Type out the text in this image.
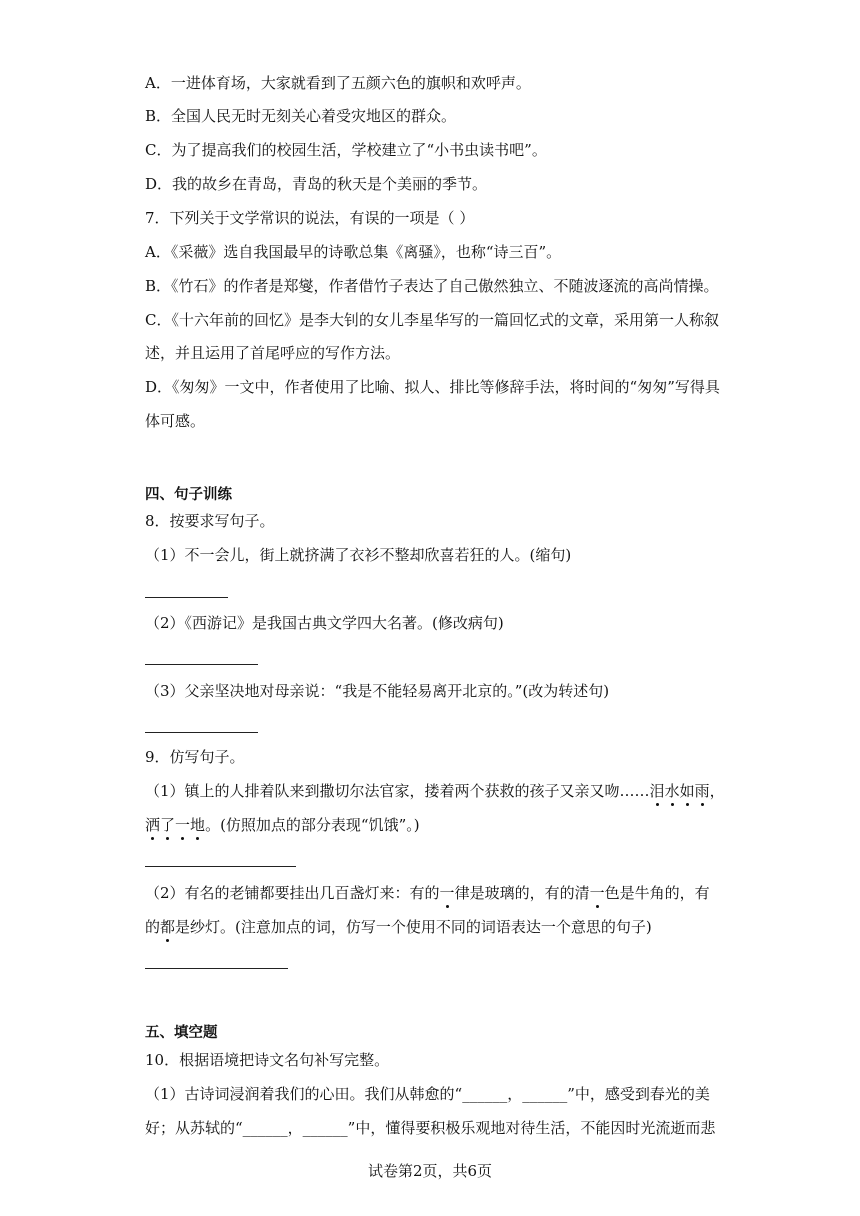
A．一进体育场，大家就看到了五颜六色的旗帜和欢呼声。
B．全国人民无时无刻关心着受灾地区的群众。
C．为了提高我们的校园生活，学校建立了“小书虫读书吧”。
D．我的故乡在青岛，青岛的秋天是个美丽的季节。
7．下列关于文学常识的说法，有误的一项是（ ）
A．《采薇》选自我国最早的诗歌总集《离骚》，也称“诗三百”。
B．《竹石》的作者是郑燮，作者借竹子表达了自己傲然独立、不随波逐流的高尚情操。
C．《十六年前的回忆》是李大钊的女儿李星华写的一篇回忆式的文章，采用第一人称叙
述，并且运用了首尾呼应的写作方法。
D．《匆匆》一文中，作者使用了比喻、拟人、排比等修辞手法，将时间的“匆匆”写得具
体可感。
四、句子训练
8．按要求写句子。
（1）不一会儿，街上就挤满了衣衫不整却欣喜若狂的人。(缩句)
（2）《西游记》是我国古典文学四大名著。(修改病句)
（3）父亲坚决地对母亲说：“我是不能轻易离开北京的。”(改为转述句)
9．仿写句子。
（1）镇上的人排着队来到撒切尔法官家，搂着两个获救的孩子又亲又吻……泪水如雨，
洒了一地。(仿照加点的部分表现“饥饿”。)
（2）有名的老铺都要挂出几百盏灯来：有的一律是玻璃的，有的清一色是牛角的，有
的都是纱灯。(注意加点的词，仿写一个使用不同的词语表达一个意思的句子)
五、填空题
10．根据语境把诗文名句补写完整。
（1）古诗词浸润着我们的心田。我们从韩愈的“______，______”中，感受到春光的美
好；从苏轼的“______，______”中，懂得要积极乐观地对待生活，不能因时光流逝而悲
试卷第2页，共6页
